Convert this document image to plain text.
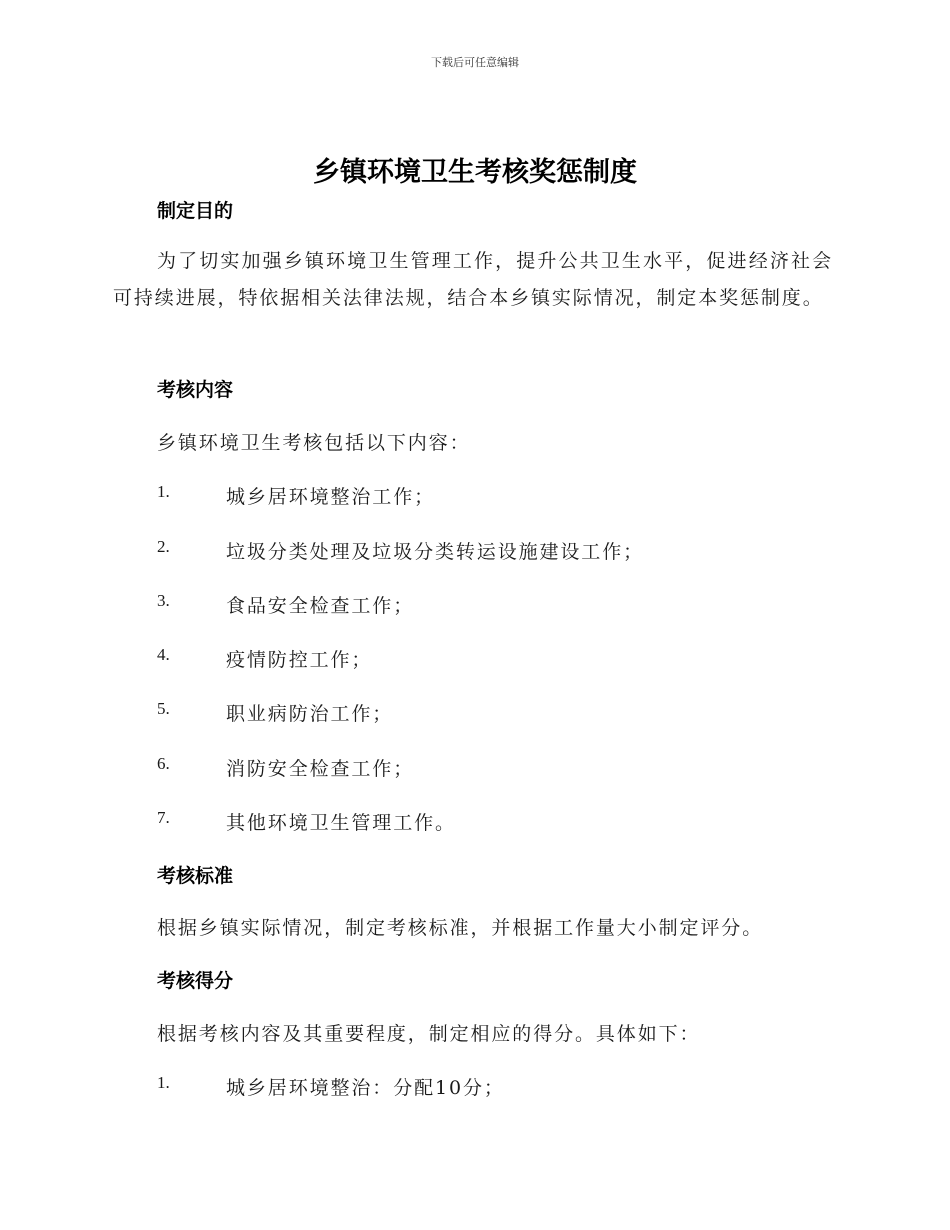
下载后可任意编辑
乡镇环境卫生考核奖惩制度
制定目的
为了切实加强乡镇环境卫生管理工作，提升公共卫生水平，促进经济社会可持续进展，特依据相关法律法规，结合本乡镇实际情况，制定本奖惩制度。
考核内容
乡镇环境卫生考核包括以下内容：
1.	城乡居环境整治工作；
2.	垃圾分类处理及垃圾分类转运设施建设工作；
3.	食品安全检查工作；
4.	疫情防控工作；
5.	职业病防治工作；
6.	消防安全检查工作；
7.	其他环境卫生管理工作。
考核标准
根据乡镇实际情况，制定考核标准，并根据工作量大小制定评分。
考核得分
根据考核内容及其重要程度，制定相应的得分。具体如下：
1.	城乡居环境整治：分配10分；
